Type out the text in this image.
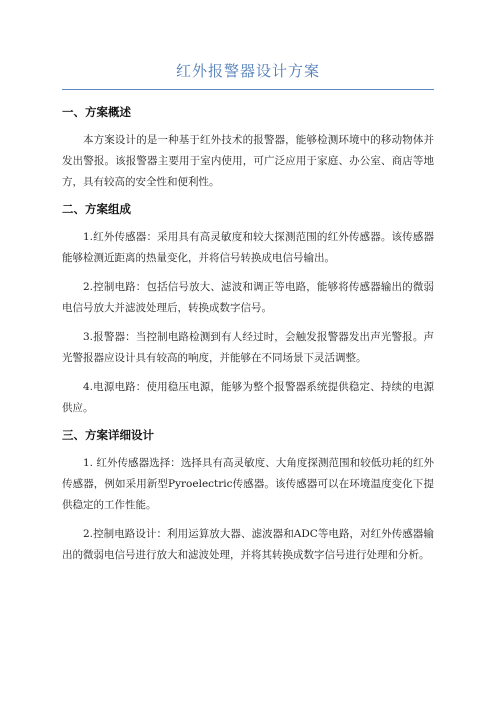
红外报警器设计方案
一、方案概述

本方案设计的是一种基于红外技术的报警器，能够检测环境中的移动物体并发出警报。该报警器主要用于室内使用，可广泛应用于家庭、办公室、商店等地方，具有较高的安全性和便利性。

二、方案组成

1.红外传感器：采用具有高灵敏度和较大探测范围的红外传感器。该传感器能够检测近距离的热量变化，并将信号转换成电信号输出。

2.控制电路：包括信号放大、滤波和调正等电路，能够将传感器输出的微弱电信号放大并滤波处理后，转换成数字信号。

3.报警器：当控制电路检测到有人经过时，会触发报警器发出声光警报。声光警报器应设计具有较高的响度，并能够在不同场景下灵活调整。

4.电源电路：使用稳压电源，能够为整个报警器系统提供稳定、持续的电源供应。

三、方案详细设计

1. 红外传感器选择：选择具有高灵敏度、大角度探测范围和较低功耗的红外传感器，例如采用新型Pyroelectric传感器。该传感器可以在环境温度变化下提供稳定的工作性能。

2.控制电路设计：利用运算放大器、滤波器和ADC等电路，对红外传感器输出的微弱电信号进行放大和滤波处理，并将其转换成数字信号进行处理和分析。
